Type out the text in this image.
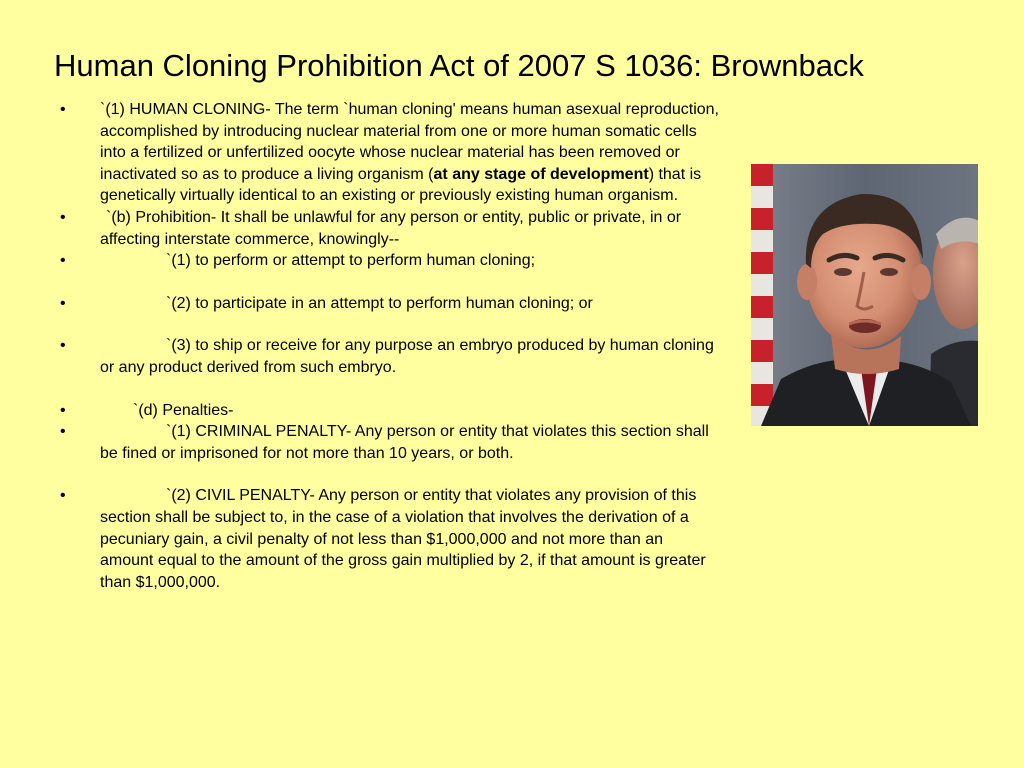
Human Cloning Prohibition Act of 2007 S 1036: Brownback
• `(1) HUMAN CLONING- The term `human cloning' means human asexual reproduction, accomplished by introducing nuclear material from one or more human somatic cells into a fertilized or unfertilized oocyte whose nuclear material has been removed or inactivated so as to produce a living organism (at any stage of development) that is genetically virtually identical to an existing or previously existing human organism.
•	`(b) Prohibition- It shall be unlawful for any person or entity, public or private, in or affecting interstate commerce, knowingly--
•	`(1) to perform or attempt to perform human cloning;
•	`(2) to participate in an attempt to perform human cloning; or
•	`(3) to ship or receive for any purpose an embryo produced by human cloning or any product derived from such embryo.
•	`(d) Penalties-
•	`(1) CRIMINAL PENALTY- Any person or entity that violates this section shall be fined or imprisoned for not more than 10 years, or both.
•	`(2) CIVIL PENALTY- Any person or entity that violates any provision of this section shall be subject to, in the case of a violation that involves the derivation of a pecuniary gain, a civil penalty of not less than $1,000,000 and not more than an amount equal to the amount of the gross gain multiplied by 2, if that amount is greater than $1,000,000.
